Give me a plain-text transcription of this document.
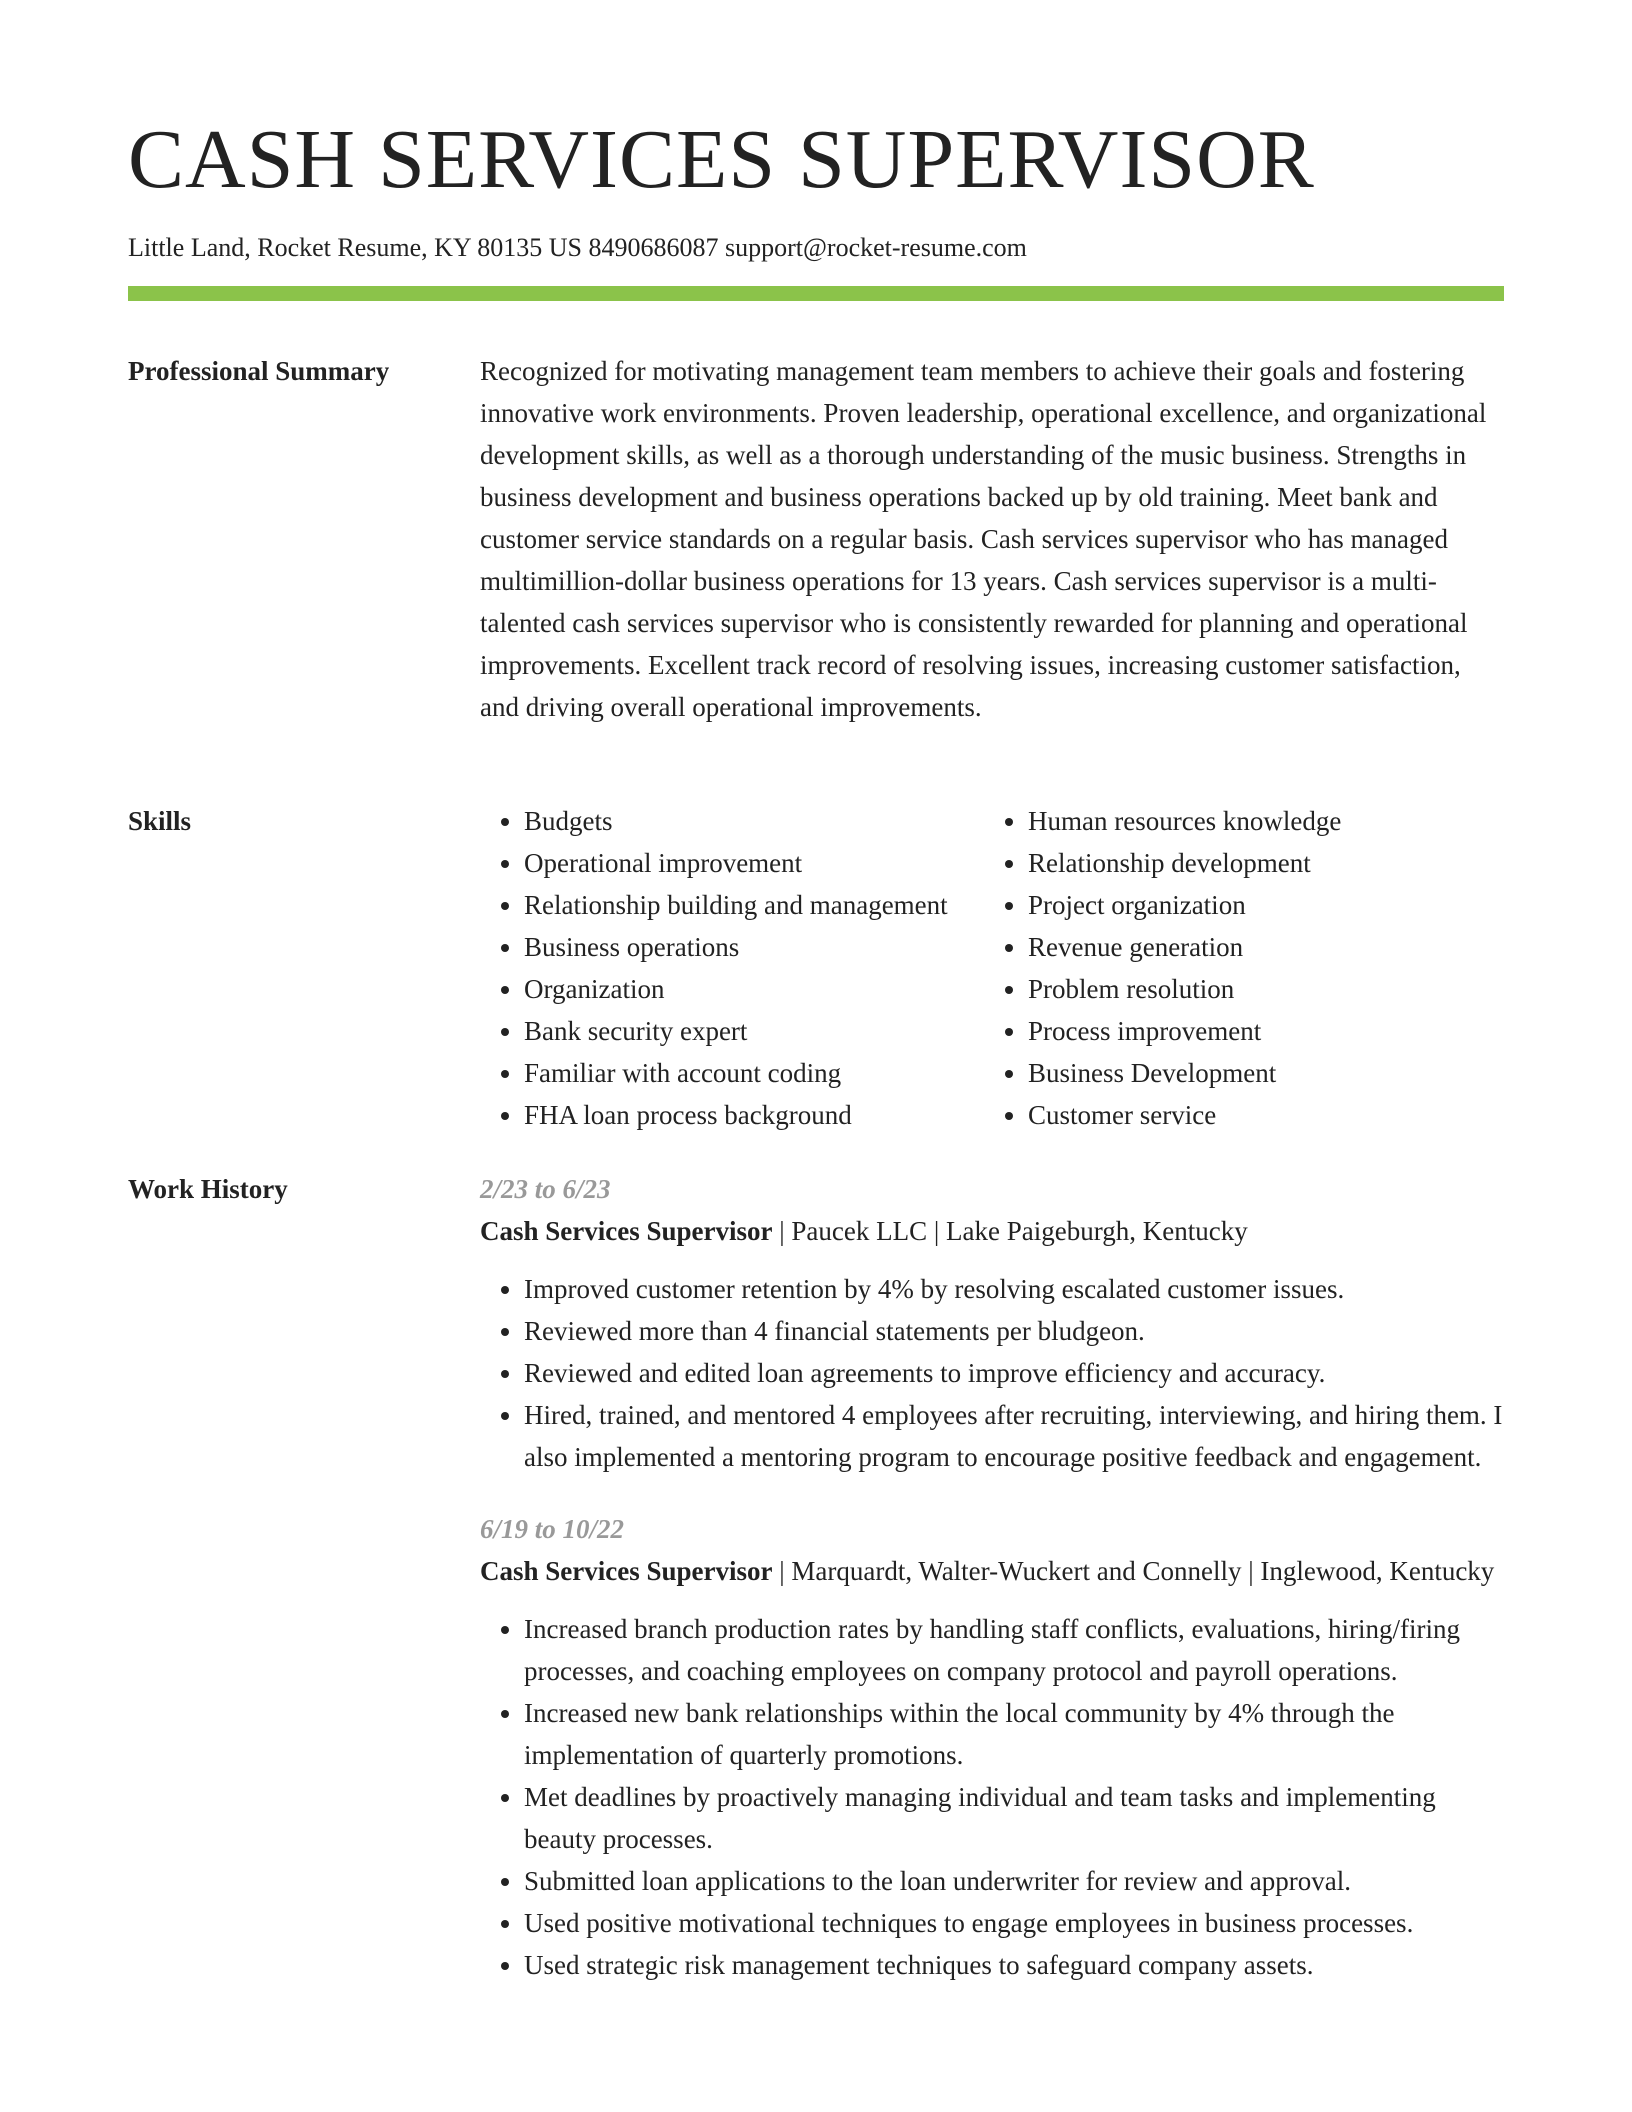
CASH SERVICES SUPERVISOR
Little Land, Rocket Resume, KY 80135 US 8490686087 support@rocket-resume.com
Professional Summary	Recognized for motivating management team members to achieve their goals and fostering innovative work environments. Proven leadership, operational excellence, and organizational development skills, as well as a thorough understanding of the music business. Strengths in business development and business operations backed up by old training. Meet bank and customer service standards on a regular basis. Cash services supervisor who has managed multimillion-dollar business operations for 13 years. Cash services supervisor is a multi-talented cash services supervisor who is consistently rewarded for planning and operational improvements. Excellent track record of resolving issues, increasing customer satisfaction, and driving overall operational improvements.

Skills
•	Budgets
• Operational improvement
• Relationship building and management
• Business operations
• Organization
• Bank security expert
• Familiar with account coding
• FHA loan process background
• Human resources knowledge
• Relationship development
• Project organization
• Revenue generation
• Problem resolution
• Process improvement
• Business Development
• Customer service
Work History	2/23 to 6/23
Cash Services Supervisor | Paucek LLC | Lake Paigeburgh, Kentucky
• Improved customer retention by 4% by resolving escalated customer issues.
• Reviewed more than 4 financial statements per bludgeon.
• Reviewed and edited loan agreements to improve efficiency and accuracy.
• Hired, trained, and mentored 4 employees after recruiting, interviewing, and hiring them. I also implemented a mentoring program to encourage positive feedback and engagement.
6/19 to 10/22
Cash Services Supervisor | Marquardt, Walter-Wuckert and Connelly | Inglewood, Kentucky
• Increased branch production rates by handling staff conflicts, evaluations, hiring/firing processes, and coaching employees on company protocol and payroll operations.
• Increased new bank relationships within the local community by 4% through the implementation of quarterly promotions.
• Met deadlines by proactively managing individual and team tasks and implementing beauty processes.
• Submitted loan applications to the loan underwriter for review and approval.
• Used positive motivational techniques to engage employees in business processes.
• Used strategic risk management techniques to safeguard company assets.
